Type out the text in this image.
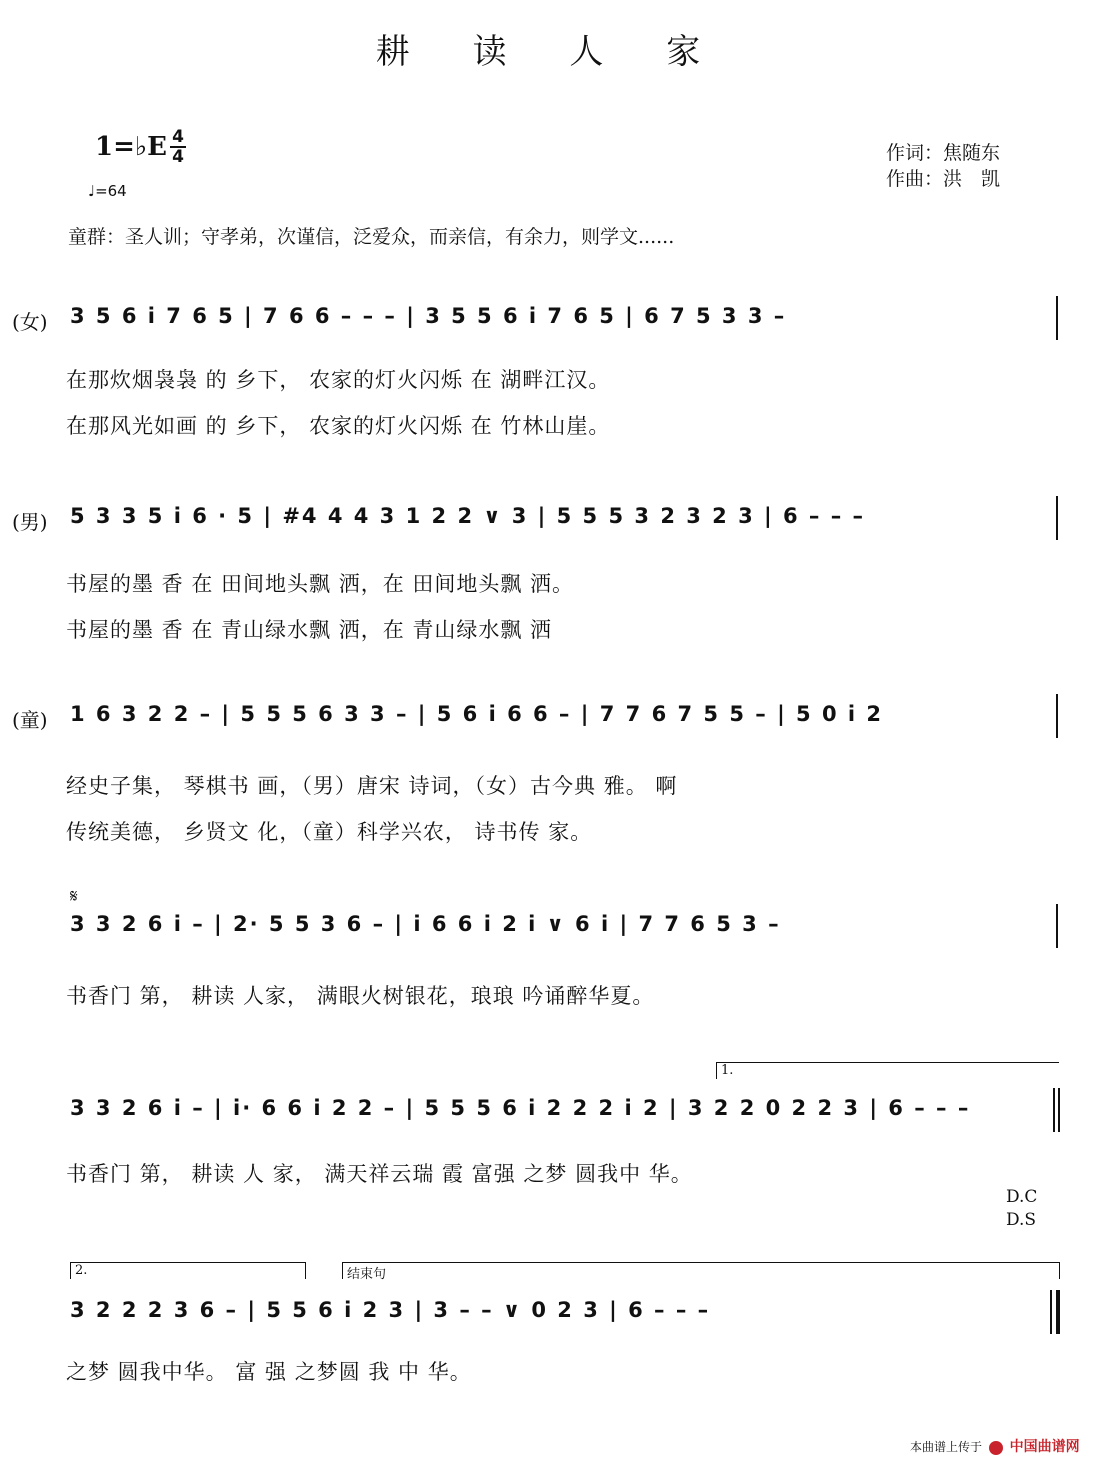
耕 读 人 家
1=♭E 4
4
♩=64
作词：焦随东
作曲：洪　凯
童群：圣人训；守孝弟，次谨信，泛爱众，而亲信，有余力，则学文......
(女) 3 5 6 i 7 6 5 | 7 6 6 – – – | 3 5 5 6 i 7 6 5 | 6 7 5 3 3 –
在那炊烟袅袅 的 乡下， 农家的灯火闪烁 在 湖畔江汉。
在那风光如画 的 乡下， 农家的灯火闪烁 在 竹林山崖。
(男) 5 3 3 5 i 6 · 5 | #4 4 4 3 1 2 2 ∨ 3 | 5 5 5 3 2 3 2 3 | 6 – – –
书屋的墨 香 在 田间地头飘 洒，在 田间地头飘 洒。
书屋的墨 香 在 青山绿水飘 洒，在 青山绿水飘 洒
(童) 1 6 3 2 2 – | 5 5 5 6 3 3 – | 5 6 i 6 6 – | 7 7 6 7 5 5 – | 5 0 i 2
经史子集， 琴棋书 画，（男）唐宋 诗词，（女）古今典 雅。 啊
传统美德， 乡贤文 化，（童）科学兴农， 诗书传 家。
𝄋
3 3 2 6 i – | 2· 5 5 3 6 – | i 6 6 i 2 i ∨ 6 i | 7 7 6 5 3 –
书香门 第， 耕读 人家， 满眼火树银花，琅琅 吟诵醉华夏。
1.
3 3 2 6 i – | i· 6 6 i 2 2 – | 5 5 5 6 i 2 2 2 i 2 | 3 2 2 0 2 2 3 | 6 – – –
书香门 第， 耕读 人 家， 满天祥云瑞 霞 富强 之梦 圆我中 华。
D.C
D.S
2.	结束句
3 2 2 2 3 6 – | 5 5 6 i 2 3 | 3 – – ∨ 0 2 3 | 6 – – –
之梦 圆我中华。 富 强 之梦圆 我 中 华。
本曲谱上传于 中国曲谱网
